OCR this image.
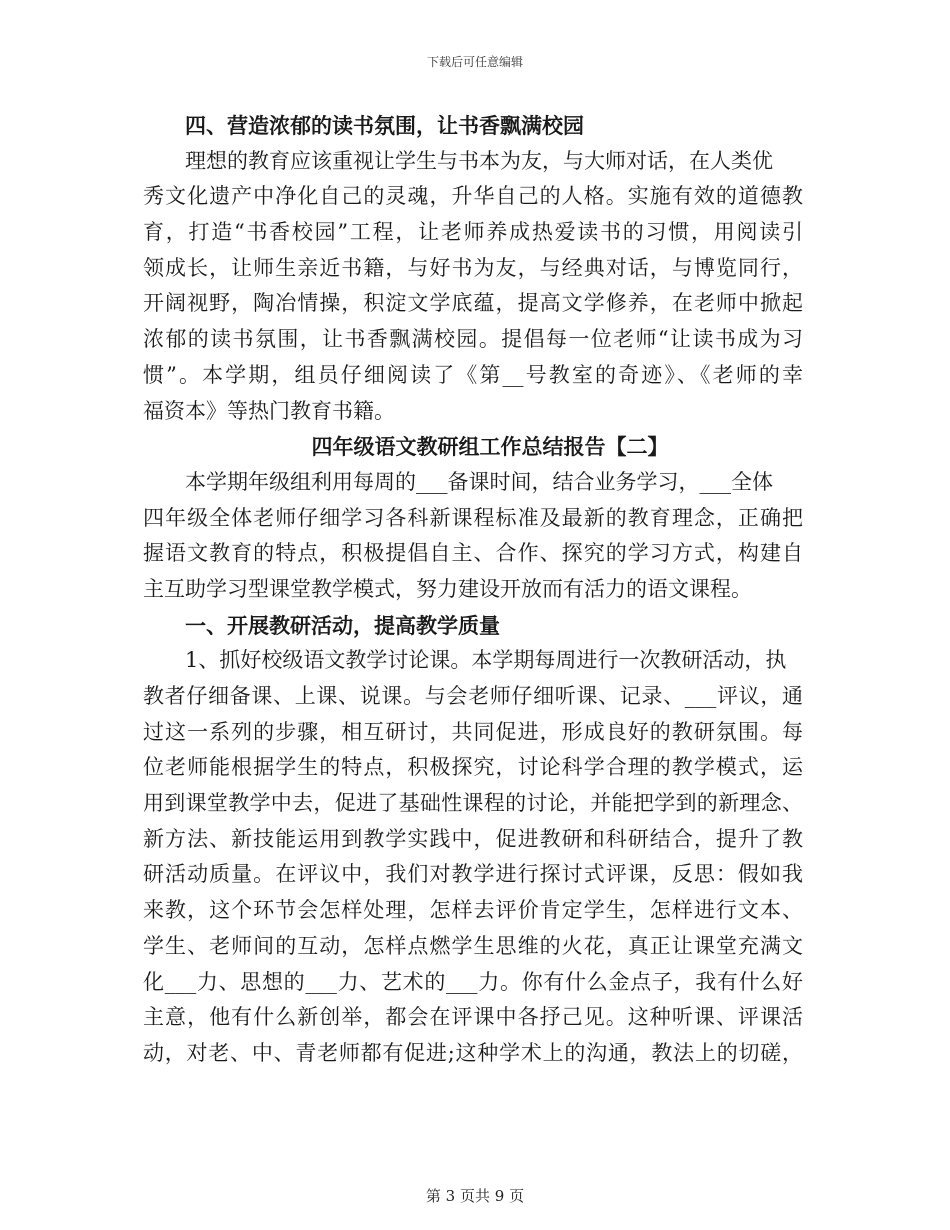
下载后可任意编辑
四、营造浓郁的读书氛围，让书香飘满校园
理想的教育应该重视让学生与书本为友，与大师对话，在人类优
秀文化遗产中净化自己的灵魂，升华自己的人格。实施有效的道德教
育，打造“书香校园”工程，让老师养成热爱读书的习惯，用阅读引
领成长，让师生亲近书籍，与好书为友，与经典对话，与博览同行，
开阔视野，陶冶情操，积淀文学底蕴，提高文学修养，在老师中掀起
浓郁的读书氛围，让书香飘满校园。提倡每一位老师“让读书成为习
惯”。本学期，组员仔细阅读了《第__号教室的奇迹》、《老师的幸
福资本》等热门教育书籍。
四年级语文教研组工作总结报告【二】
本学期年级组利用每周的___备课时间，结合业务学习，___全体
四年级全体老师仔细学习各科新课程标准及最新的教育理念，正确把
握语文教育的特点，积极提倡自主、合作、探究的学习方式，构建自
主互助学习型课堂教学模式，努力建设开放而有活力的语文课程。
一、开展教研活动，提高教学质量
1、抓好校级语文教学讨论课。本学期每周进行一次教研活动，执
教者仔细备课、上课、说课。与会老师仔细听课、记录、___评议，通
过这一系列的步骤，相互研讨，共同促进，形成良好的教研氛围。每
位老师能根据学生的特点，积极探究，讨论科学合理的教学模式，运
用到课堂教学中去，促进了基础性课程的讨论，并能把学到的新理念、
新方法、新技能运用到教学实践中，促进教研和科研结合，提升了教
研活动质量。在评议中，我们对教学进行探讨式评课，反思：假如我
来教，这个环节会怎样处理，怎样去评价肯定学生，怎样进行文本、
学生、老师间的互动，怎样点燃学生思维的火花，真正让课堂充满文
化___力、思想的___力、艺术的___力。你有什么金点子，我有什么好
主意，他有什么新创举，都会在评课中各抒己见。这种听课、评课活
动，对老、中、青老师都有促进;这种学术上的沟通，教法上的切磋，
第 3 页共 9 页
